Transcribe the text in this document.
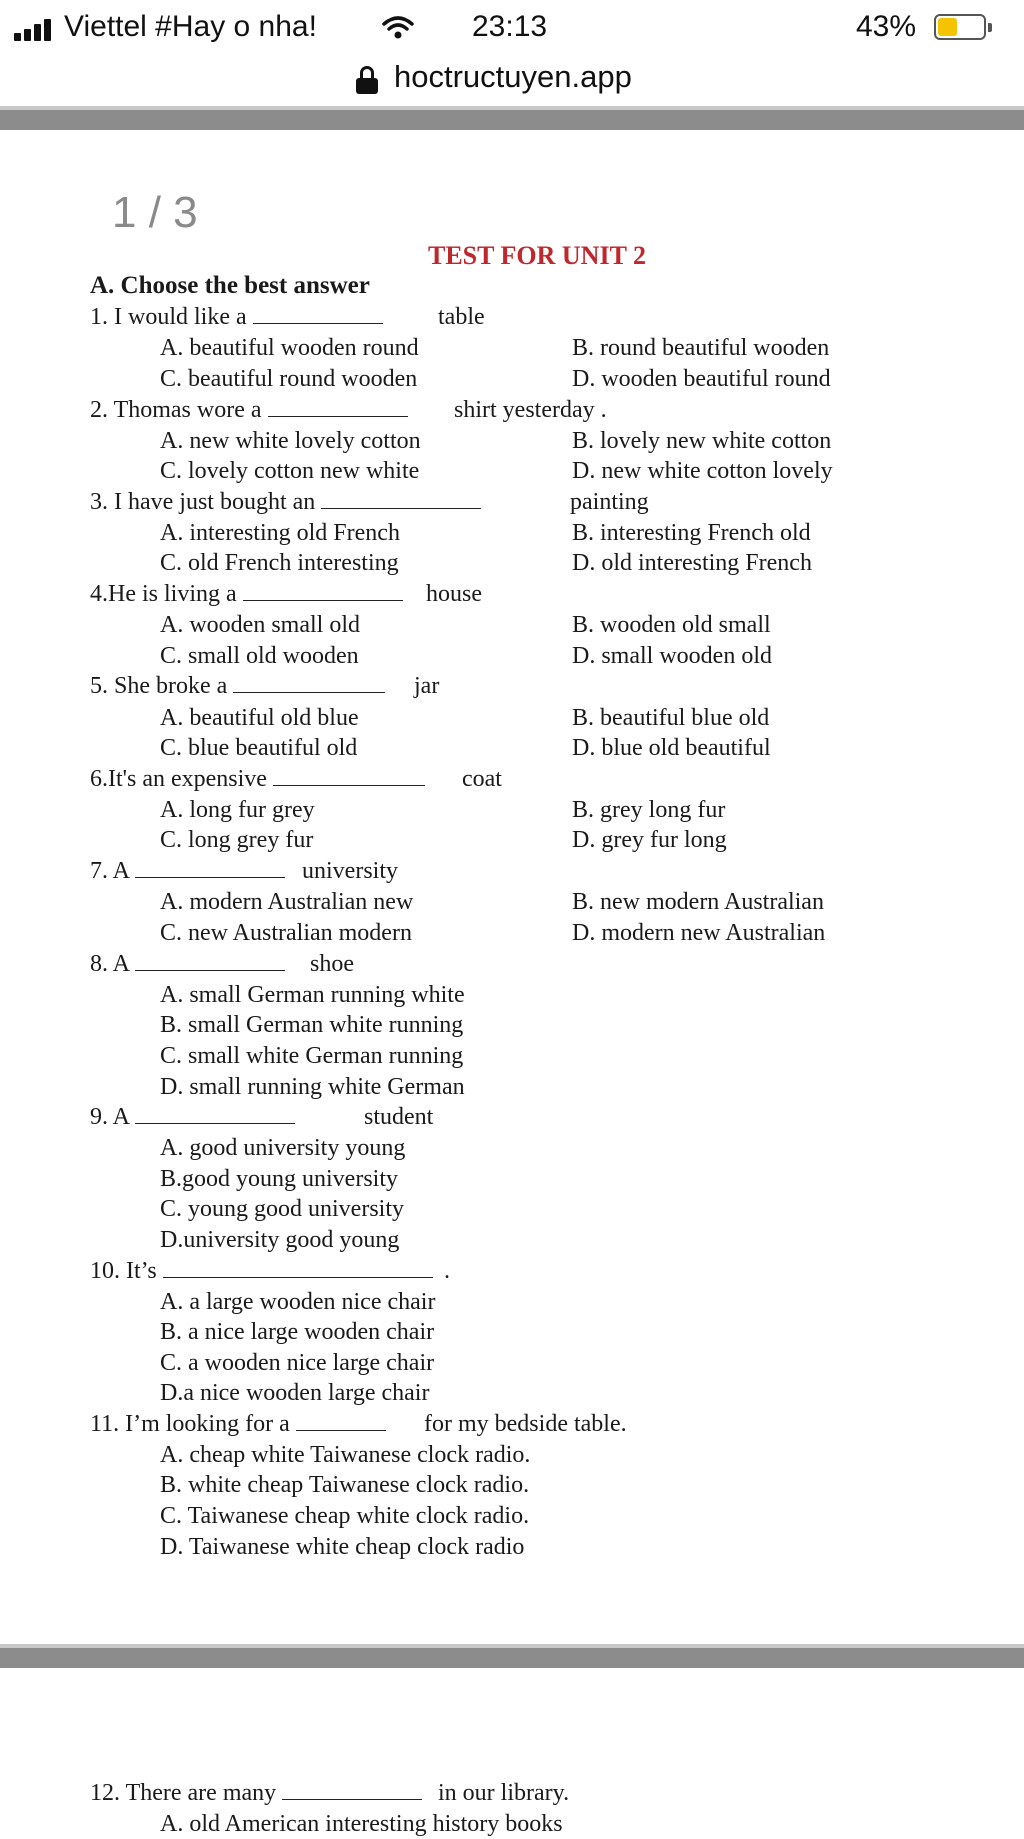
Viettel #Hay o nha!	23:13	43%
hoctructuyen.app
1 / 3
TEST FOR UNIT 2
A. Choose the best answer
1. I would like a	table
A. beautiful wooden round	B. round beautiful wooden
C. beautiful round wooden	D. wooden beautiful round
2. Thomas wore a	shirt yesterday .
A. new white lovely cotton	B. lovely new white cotton
C. lovely cotton new white	D. new white cotton lovely
3. I have just bought an	painting
A. interesting old French	B. interesting French old
C. old French interesting	D. old interesting French
4.He is living a	house
A. wooden small old	B. wooden old small
C. small old wooden	D. small wooden old
5. She broke a	jar
A. beautiful old blue	B. beautiful blue old
C. blue beautiful old	D. blue old beautiful
6.It's an expensive	coat
A. long fur grey	B. grey long fur
C. long grey fur	D. grey fur long
7. A	university
A. modern Australian new	B. new modern Australian
C. new Australian modern	D. modern new Australian
8. A	shoe
A. small German running white
B. small German white running
C. small white German running
D. small running white German
9. A	student
A. good university young
B.good young university
C. young good university
D.university good young
10. It’s	.
A. a large wooden nice chair
B. a nice large wooden chair
C. a wooden nice large chair
D.a nice wooden large chair
11. I’m looking for a	for my bedside table.
A. cheap white Taiwanese clock radio.
B. white cheap Taiwanese clock radio.
C. Taiwanese cheap white clock radio.
D. Taiwanese white cheap clock radio
12. There are many	in our library.
A. old American interesting history books
